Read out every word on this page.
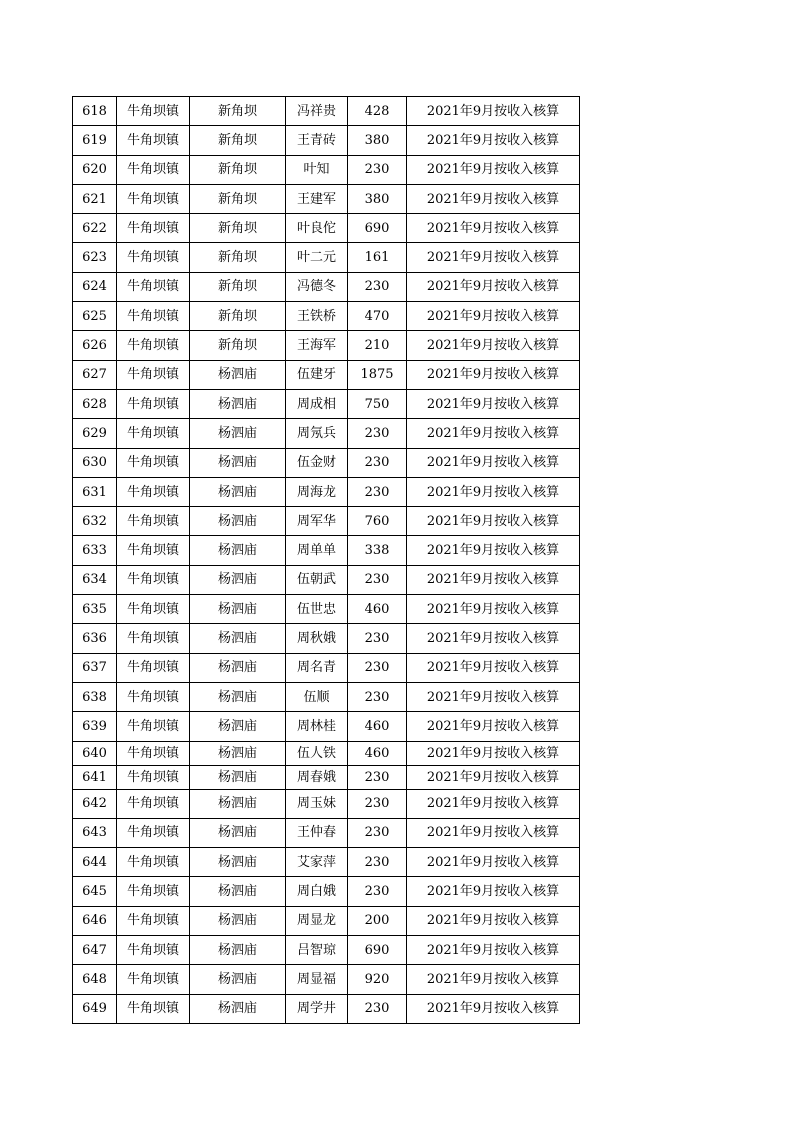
618	牛角坝镇	新角坝	冯祥贵	428	2021年9月按收入核算
619	牛角坝镇	新角坝	王青砖	380	2021年9月按收入核算
620	牛角坝镇	新角坝	叶知	230	2021年9月按收入核算
621	牛角坝镇	新角坝	王建军	380	2021年9月按收入核算
622	牛角坝镇	新角坝	叶良佗	690	2021年9月按收入核算
623	牛角坝镇	新角坝	叶二元	161	2021年9月按收入核算
624	牛角坝镇	新角坝	冯德冬	230	2021年9月按收入核算
625	牛角坝镇	新角坝	王铁桥	470	2021年9月按收入核算
626	牛角坝镇	新角坝	王海军	210	2021年9月按收入核算
627	牛角坝镇	杨泗庙	伍建牙	1875	2021年9月按收入核算
628	牛角坝镇	杨泗庙	周成相	750	2021年9月按收入核算
629	牛角坝镇	杨泗庙	周氖兵	230	2021年9月按收入核算
630	牛角坝镇	杨泗庙	伍金财	230	2021年9月按收入核算
631	牛角坝镇	杨泗庙	周海龙	230	2021年9月按收入核算
632	牛角坝镇	杨泗庙	周军华	760	2021年9月按收入核算
633	牛角坝镇	杨泗庙	周单单	338	2021年9月按收入核算
634	牛角坝镇	杨泗庙	伍朝武	230	2021年9月按收入核算
635	牛角坝镇	杨泗庙	伍世忠	460	2021年9月按收入核算
636	牛角坝镇	杨泗庙	周秋娥	230	2021年9月按收入核算
637	牛角坝镇	杨泗庙	周名青	230	2021年9月按收入核算
638	牛角坝镇	杨泗庙	伍顺	230	2021年9月按收入核算
639	牛角坝镇	杨泗庙	周林桂	460	2021年9月按收入核算
640	牛角坝镇	杨泗庙	伍人铁	460	2021年9月按收入核算
641	牛角坝镇	杨泗庙	周春娥	230	2021年9月按收入核算
642	牛角坝镇	杨泗庙	周玉妹	230	2021年9月按收入核算
643	牛角坝镇	杨泗庙	王仲春	230	2021年9月按收入核算
644	牛角坝镇	杨泗庙	艾家萍	230	2021年9月按收入核算
645	牛角坝镇	杨泗庙	周白娥	230	2021年9月按收入核算
646	牛角坝镇	杨泗庙	周显龙	200	2021年9月按收入核算
647	牛角坝镇	杨泗庙	吕智琼	690	2021年9月按收入核算
648	牛角坝镇	杨泗庙	周显福	920	2021年9月按收入核算
649	牛角坝镇	杨泗庙	周学井	230	2021年9月按收入核算
